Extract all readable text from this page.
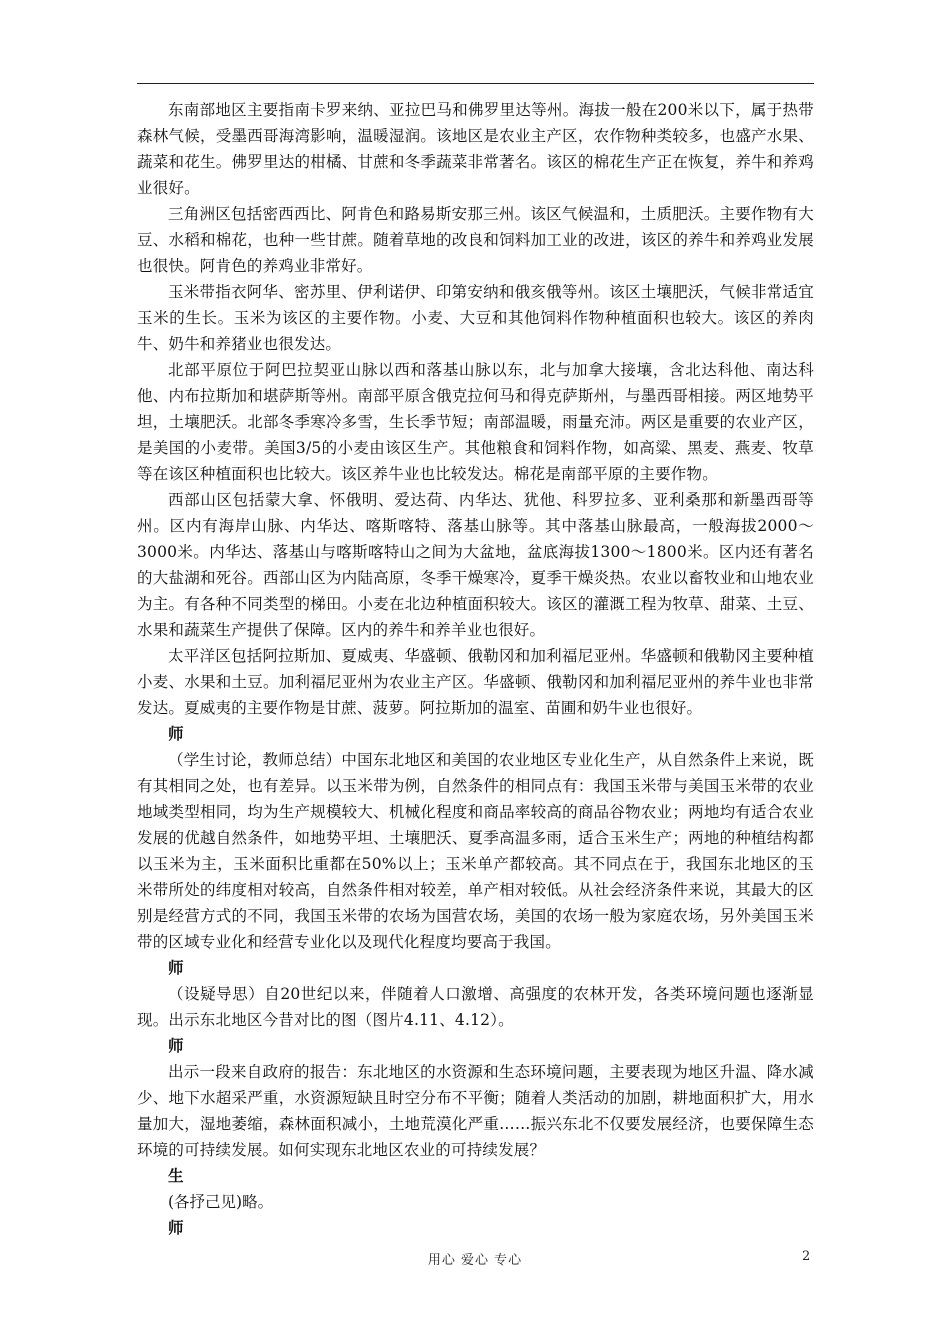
东南部地区主要指南卡罗来纳、亚拉巴马和佛罗里达等州。海拔一般在200米以下，属于热带森林气候，受墨西哥海湾影响，温暖湿润。该地区是农业主产区，农作物种类较多，也盛产水果、蔬菜和花生。佛罗里达的柑橘、甘蔗和冬季蔬菜非常著名。该区的棉花生产正在恢复，养牛和养鸡业很好。

三角洲区包括密西西比、阿肯色和路易斯安那三州。该区气候温和，土质肥沃。主要作物有大豆、水稻和棉花，也种一些甘蔗。随着草地的改良和饲料加工业的改进，该区的养牛和养鸡业发展也很快。阿肯色的养鸡业非常好。

玉米带指衣阿华、密苏里、伊利诺伊、印第安纳和俄亥俄等州。该区土壤肥沃，气候非常适宜玉米的生长。玉米为该区的主要作物。小麦、大豆和其他饲料作物种植面积也较大。该区的养肉牛、奶牛和养猪业也很发达。

北部平原位于阿巴拉契亚山脉以西和落基山脉以东，北与加拿大接壤，含北达科他、南达科他、内布拉斯加和堪萨斯等州。南部平原含俄克拉何马和得克萨斯州，与墨西哥相接。两区地势平坦，土壤肥沃。北部冬季寒冷多雪，生长季节短；南部温暖，雨量充沛。两区是重要的农业产区，是美国的小麦带。美国3/5的小麦由该区生产。其他粮食和饲料作物，如高粱、黑麦、燕麦、牧草等在该区种植面积也比较大。该区养牛业也比较发达。棉花是南部平原的主要作物。

西部山区包括蒙大拿、怀俄明、爱达荷、内华达、犹他、科罗拉多、亚利桑那和新墨西哥等州。区内有海岸山脉、内华达、喀斯喀特、落基山脉等。其中落基山脉最高，一般海拔2000～3000米。内华达、落基山与喀斯喀特山之间为大盆地，盆底海拔1300～1800米。区内还有著名的大盐湖和死谷。西部山区为内陆高原，冬季干燥寒冷，夏季干燥炎热。农业以畜牧业和山地农业为主。有各种不同类型的梯田。小麦在北边种植面积较大。该区的灌溉工程为牧草、甜菜、土豆、水果和蔬菜生产提供了保障。区内的养牛和养羊业也很好。

太平洋区包括阿拉斯加、夏威夷、华盛顿、俄勒冈和加利福尼亚州。华盛顿和俄勒冈主要种植小麦、水果和土豆。加利福尼亚州为农业主产区。华盛顿、俄勒冈和加利福尼亚州的养牛业也非常发达。夏威夷的主要作物是甘蔗、菠萝。阿拉斯加的温室、苗圃和奶牛业也很好。

师

（学生讨论，教师总结）中国东北地区和美国的农业地区专业化生产，从自然条件上来说，既有其相同之处，也有差异。以玉米带为例，自然条件的相同点有：我国玉米带与美国玉米带的农业地域类型相同，均为生产规模较大、机械化程度和商品率较高的商品谷物农业；两地均有适合农业发展的优越自然条件，如地势平坦、土壤肥沃、夏季高温多雨，适合玉米生产；两地的种植结构都以玉米为主，玉米面积比重都在50%以上；玉米单产都较高。其不同点在于，我国东北地区的玉米带所处的纬度相对较高，自然条件相对较差，单产相对较低。从社会经济条件来说，其最大的区别是经营方式的不同，我国玉米带的农场为国营农场，美国的农场一般为家庭农场，另外美国玉米带的区域专业化和经营专业化以及现代化程度均要高于我国。

师

（设疑导思）自20世纪以来，伴随着人口激增、高强度的农林开发，各类环境问题也逐渐显现。出示东北地区今昔对比的图（图片4.11、4.12）。

师

出示一段来自政府的报告：东北地区的水资源和生态环境问题，主要表现为地区升温、降水减少、地下水超采严重，水资源短缺且时空分布不平衡；随着人类活动的加剧，耕地面积扩大，用水量加大，湿地萎缩，森林面积减小，土地荒漠化严重……振兴东北不仅要发展经济，也要保障生态环境的可持续发展。如何实现东北地区农业的可持续发展？

生

(各抒己见)略。

师

用心 爱心 专心	2
